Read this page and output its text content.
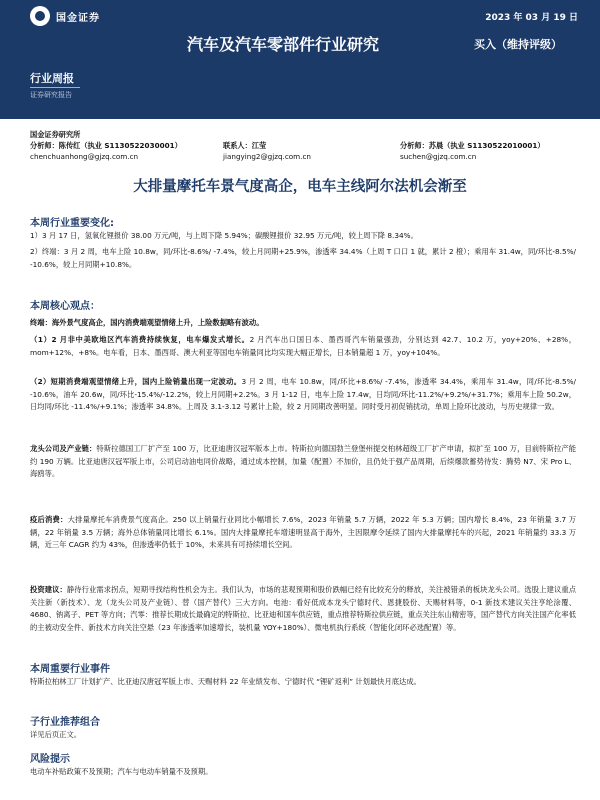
国金证券	2023 年 03 月 19 日
汽车及汽车零部件行业研究	买入（维持评级）
行业周报
证券研究报告
国金证券研究所
分析师：陈传红（执业 S1130522030001）	联系人：江莹	分析师：苏晨（执业 S1130522010001）
chenchuanhong@gjzq.com.cn	jiangying2@gjzq.com.cn	suchen@gjzq.com.cn
大排量摩托车景气度高企，电车主线阿尔法机会渐至
本周行业重要变化:
1）3 月 17 日，氢氧化锂报价 38.00 万元/吨，与上周下降 5.94%；碳酸锂报价 32.95 万元/吨，较上周下降 8.34%。
2）终端：3 月 2 周，电车上险 10.8w，同/环比-8.6%/ -7.4%，较上月同期+25.9%，渗透率 34.4%（上周 T 口口 1 就，累计 2 橙）；乘用车 31.4w，同/环比-8.5%/ -10.6%，较上月同期+10.8%。
本周核心观点：
终端：海外景气度高企，国内消费端观望情绪上升，上险数据略有波动。
（1）2 月非中美欧地区汽车消费持续恢复，电车爆发式增长。2 月汽车出口国日本、墨西哥汽车销量强劲，分别达到 42.7、10.2 万，yoy+20%、+28%，mom+12%、+8%。电车看，日本、墨西哥、澳大利亚等国电车销量同比均实现大幅正增长，日本销量超 1 万，yoy+104%。
（2）短期消费端观望情绪上升，国内上险销量出现一定波动。3 月 2 周，电车 10.8w，同/环比+8.6%/ -7.4%，渗透率 34.4%，乘用车 31.4w，同/环比-8.5%/ -10.6%，油车 20.6w，同/环比-15.4%/-12.2%，较上月同期+2.2%。3 月 1-12 日，电车上险 17.4w，日均同/环比-11.2%/+9.2%/+31.7%；乘用车上险 50.2w，日均同/环比 -11.4%/+9.1%；渗透率 34.8%。上周及 3.1-3.12 号累计上险，较 2 月同期改善明显。同时受月初促销扰动，单周上险环比波动，与历史规律一致。
龙头公司及产业链：特斯拉德国工厂扩产至 100 万，比亚迪唐汉冠军版本上市。特斯拉向德国勃兰登堡州提交柏林超级工厂扩产申请，拟扩至 100 万，目前特斯拉产能约 190 万辆。比亚迪唐汉冠军版上市，公司启动油电同价战略，通过成本控制，加量（配置）不加价，且仍处于强产品周期，后续爆款蓄势待发：腾势 N7、宋 Pro L、海鸥等。
疫后消费：大排量摩托车消费景气度高企。250 以上销量行业同比小幅增长 7.6%，2023 年销量 5.7 万辆，2022 年 5.3 万辆；国内增长 8.4%，23 年销量 3.7 万辆，22 年销量 3.5 万辆；海外总体销量同比增长 6.1%。国内大排量摩托车增速明显高于海外，主因限摩令延续了国内大排量摩托车的兴起，2021 年销量约 33.3 万辆，近三年 CAGR 约为 43%，但渗透率仍低于 10%，未来具有可持续增长空间。
投资建议：静待行业需求拐点，短期寻找结构性机会为主。我们认为，市场的悲观预期和股价跌幅已经有比较充分的释放，关注被错杀的板块龙头公司。选股上建议重点关注新（新技术）、龙（龙头公司及产业链）、替（国产替代）三大方向。电池：看好低成本龙头宁德时代、恩捷股份、天赐材料等，0-1 新技术建议关注亨纶涂覆、4680、钠离子、PET 等方向；汽零：推荐长期成长最确定的特斯拉、比亚迪和国车供应链，重点推荐特斯拉供应链，重点关注东山精密等，国产替代方向关注国产化率低的主被动安全件、新技术方向关注空悬（23 年渗透率加速增长，装机量 YOY+180%）、微电机执行系统（智能化闭环必选配置）等。
本周重要行业事件
特斯拉柏林工厂计划扩产、比亚迪汉唐冠军版上市、天赐材料 22 年业绩发布、宁德时代 “锂矿返利” 计划最快月底达成。
子行业推荐组合
详见后页正文。
风险提示
电动车补贴政策不及预期；汽车与电动车销量不及预期。
